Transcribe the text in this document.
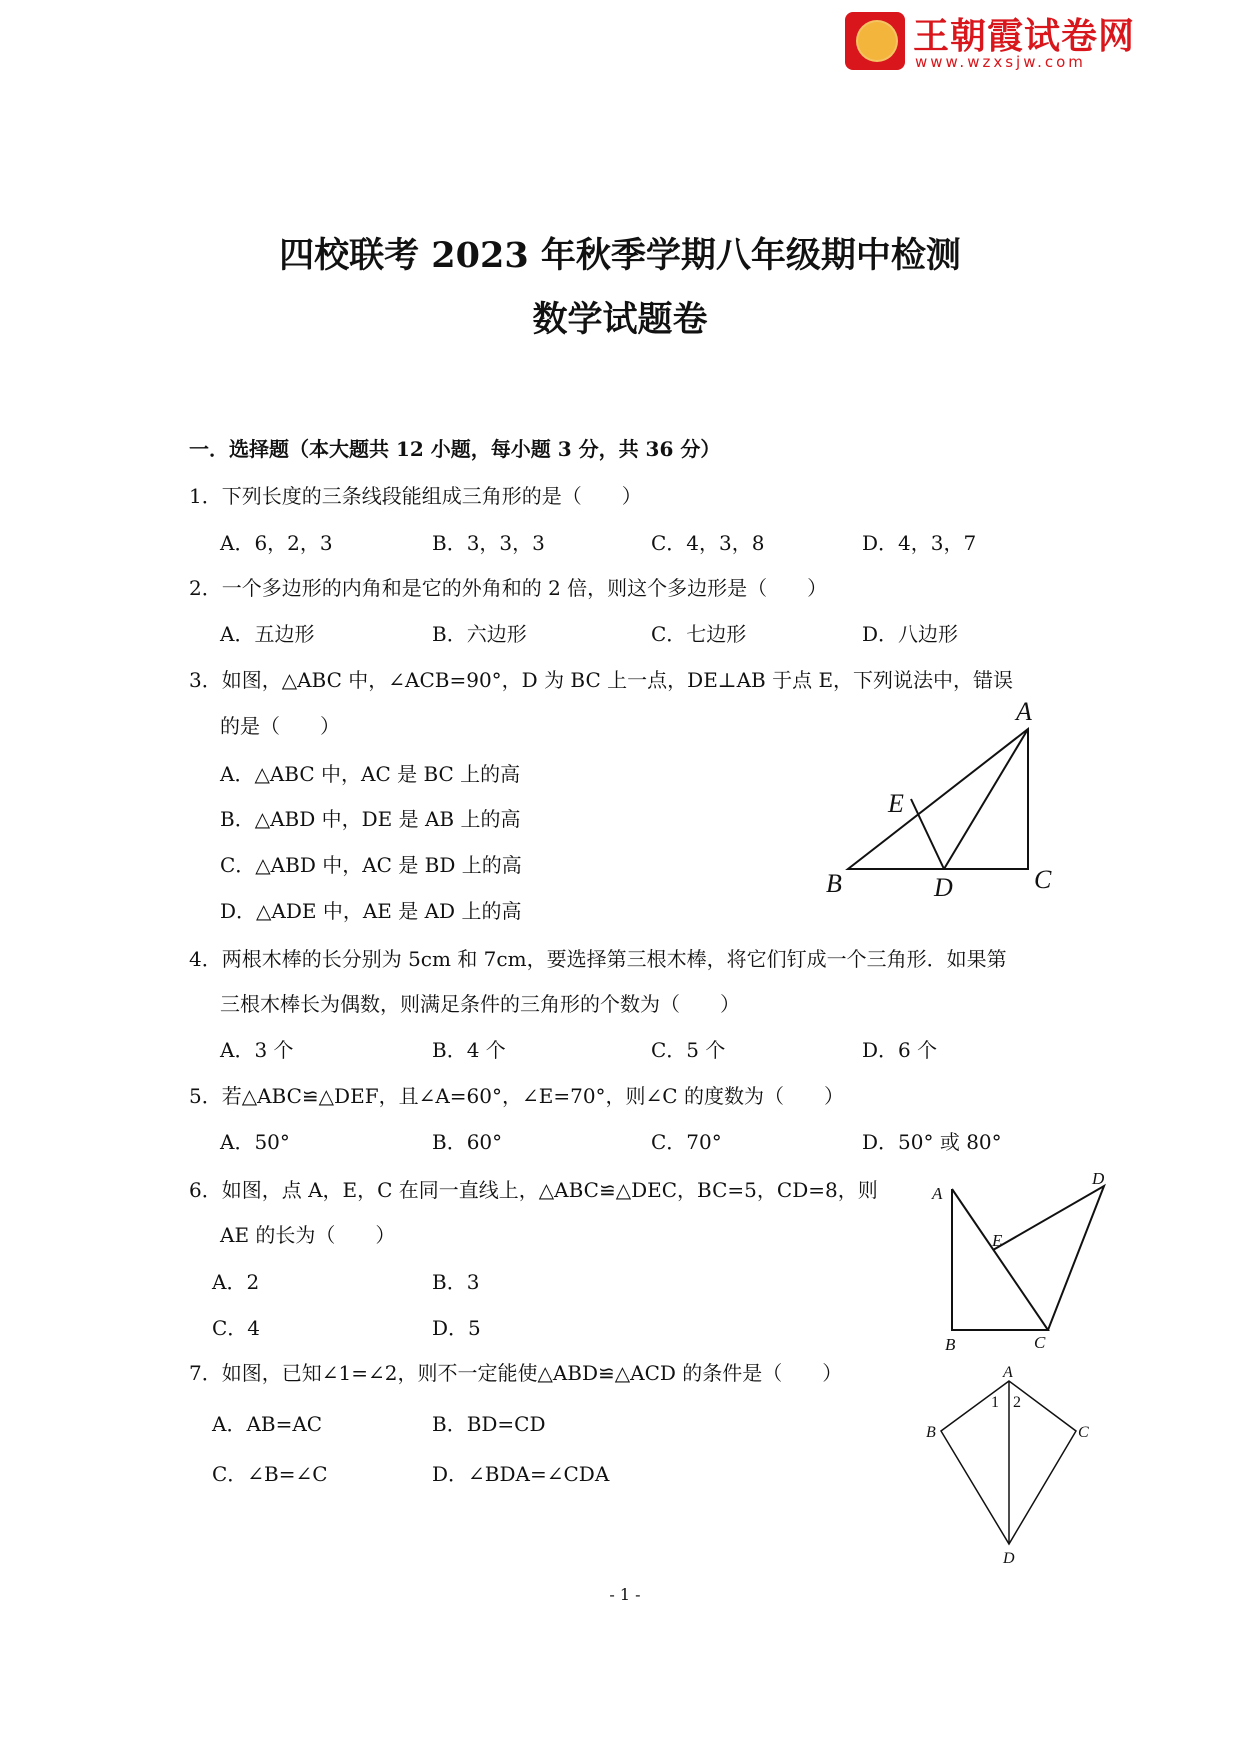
王朝霞试卷网
www.wzxsjw.com
四校联考 2023 年秋季学期八年级期中检测
数学试题卷
一．选择题（本大题共 12 小题，每小题 3 分，共 36 分）
1．下列长度的三条线段能组成三角形的是（　　）
A．6，2，3	B．3，3，3	C．4，3，8	D．4，3，7
2．一个多边形的内角和是它的外角和的 2 倍，则这个多边形是（　　）
A．五边形	B．六边形	C．七边形	D．八边形
3．如图，△ABC 中，∠ACB=90°，D 为 BC 上一点，DE⊥AB 于点 E，下列说法中，错误
的是（　　）
A．△ABC 中，AC 是 BC 上的高
B．△ABD 中，DE 是 AB 上的高
C．△ABD 中，AC 是 BD 上的高
D．△ADE 中，AE 是 AD 上的高
4．两根木棒的长分别为 5cm 和 7cm，要选择第三根木棒，将它们钉成一个三角形．如果第
三根木棒长为偶数，则满足条件的三角形的个数为（　　）
A．3 个	B．4 个	C．5 个	D．6 个
5．若△ABC≌△DEF，且∠A=60°，∠E=70°，则∠C 的度数为（　　）
A．50°	B．60°	C．70°	D．50° 或 80°
6．如图，点 A，E，C 在同一直线上，△ABC≌△DEC，BC=5，CD=8，则
AE 的长为（　　）
A．2	B．3
C．4	D．5
7．如图，已知∠1=∠2，则不一定能使△ABD≌△ACD 的条件是（　　）
A．AB=AC	B．BD=CD
C．∠B=∠C	D．∠BDA=∠CDA
A
B	C
D
E
A
B	C
D
E
A
B	C
D
1 2
- 1 -
